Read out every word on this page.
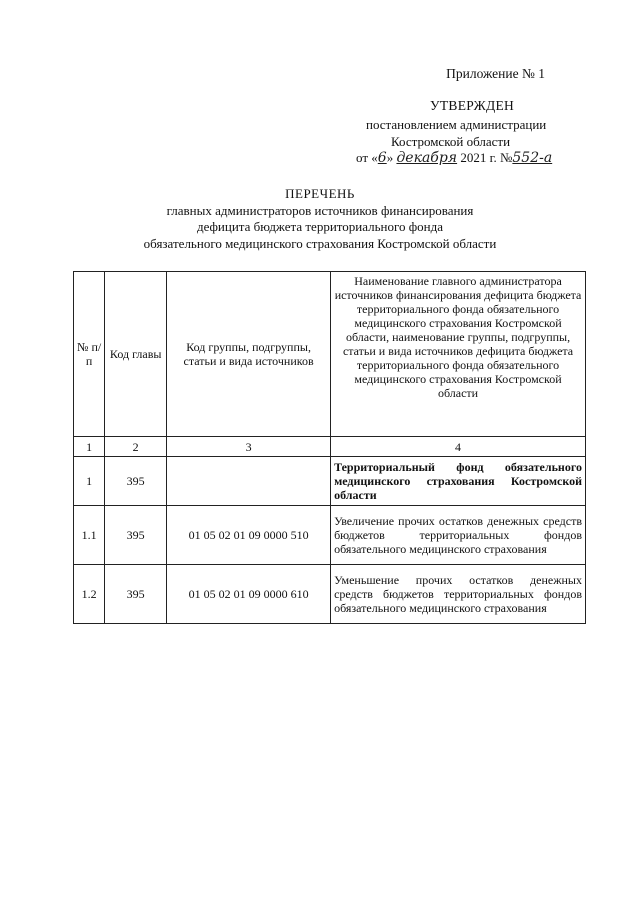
Приложение № 1
УТВЕРЖДЕН
постановлением администрации
Костромской области
от «6» декабря 2021 г. №552-а
ПЕРЕЧЕНЬ
главных администраторов источников финансирования
дефицита бюджета территориального фонда
обязательного медицинского страхования Костромской области
№ п/п	Код главы	Код группы, подгруппы, статьи и вида источников	Наименование главного администратора источников финансирования дефицита бюджета территориального фонда обязательного медицинского страхования Костромской области, наименование группы, подгруппы, статьи и вида источников дефицита бюджета территориального фонда обязательного медицинского страхования Костромской области
1	2	3	4
1	395		Территориальный фонд обязательного медицинского страхования Костромской области
1.1	395	01 05 02 01 09 0000 510	Увеличение прочих остатков денежных средств бюджетов территориальных фондов обязательного медицинского страхования
1.2	395	01 05 02 01 09 0000 610	Уменьшение прочих остатков денежных средств бюджетов территориальных фондов обязательного медицинского страхования
